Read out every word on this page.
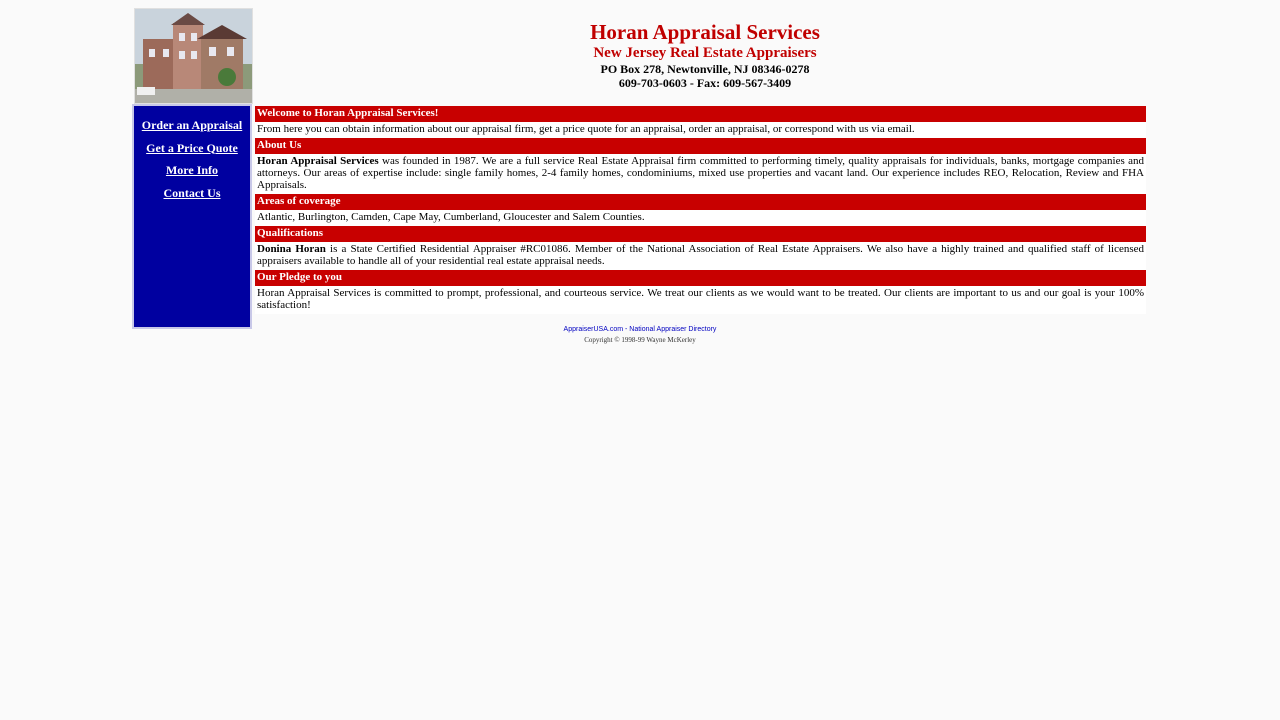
Horan Appraisal Services
New Jersey Real Estate Appraisers
PO Box 278, Newtonville, NJ 08346-0278
609-703-0603 - Fax: 609-567-3409
Order an Appraisal
Get a Price Quote
More Info
Contact Us
Welcome to Horan Appraisal Services!
From here you can obtain information about our appraisal firm, get a price quote for an appraisal, order an appraisal, or correspond with us via email.
About Us
Horan Appraisal Services was founded in 1987. We are a full service Real Estate Appraisal firm committed to performing timely, quality appraisals for individuals, banks, mortgage companies and attorneys. Our areas of expertise include: single family homes, 2-4 family homes, condominiums, mixed use properties and vacant land. Our experience includes REO, Relocation, Review and FHA Appraisals.
Areas of coverage
Atlantic, Burlington, Camden, Cape May, Cumberland, Gloucester and Salem Counties.
Qualifications
Donina Horan is a State Certified Residential Appraiser #RC01086. Member of the National Association of Real Estate Appraisers. We also have a highly trained and qualified staff of licensed appraisers available to handle all of your residential real estate appraisal needs.
Our Pledge to you
Horan Appraisal Services is committed to prompt, professional, and courteous service. We treat our clients as we would want to be treated. Our clients are important to us and our goal is your 100% satisfaction!
AppraiserUSA.com - National Appraiser Directory
Copyright © 1998-99 Wayne McKerley
